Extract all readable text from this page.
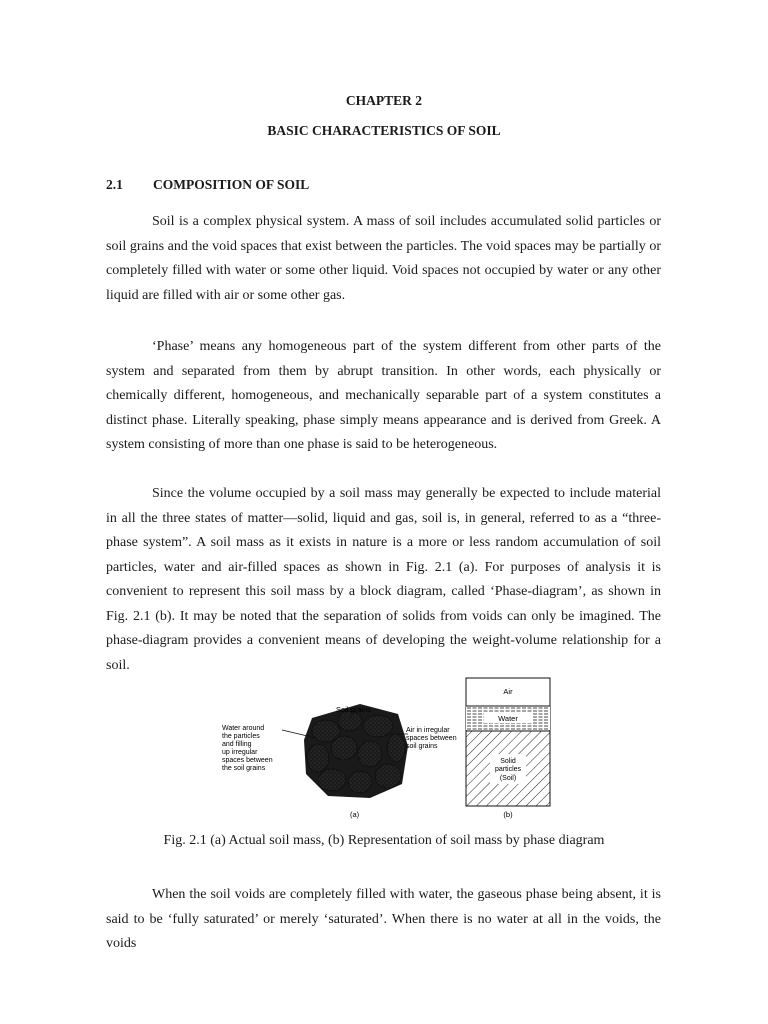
CHAPTER 2
BASIC CHARACTERISTICS OF SOIL
2.1 COMPOSITION OF SOIL

Soil is a complex physical system. A mass of soil includes accumulated solid particles or soil grains and the void spaces that exist between the particles. The void spaces may be partially or completely filled with water or some other liquid. Void spaces not occupied by water or any other liquid are filled with air or some other gas.

‘Phase’ means any homogeneous part of the system different from other parts of the system and separated from them by abrupt transition. In other words, each physically or chemically different, homogeneous, and mechanically separable part of a system constitutes a distinct phase. Literally speaking, phase simply means appearance and is derived from Greek. A system consisting of more than one phase is said to be heterogeneous.

Since the volume occupied by a soil mass may generally be expected to include material in all the three states of matter—solid, liquid and gas, soil is, in general, referred to as a “three-phase system”. A soil mass as it exists in nature is a more or less random accumulation of soil particles, water and air-filled spaces as shown in Fig. 2.1 (a). For purposes of analysis it is convenient to represent this soil mass by a block diagram, called ‘Phase-diagram’, as shown in Fig. 2.1 (b). It may be noted that the separation of solids from voids can only be imagined. The phase-diagram provides a convenient means of developing the weight-volume relationship for a soil.

Soil grains
Water around
the particles
and filling
up irregular
spaces between
the soil grains
Air in irregular
spaces between
soil grains
(a)
Air
Water
Solid
particles
(Soil)
(b)
Fig. 2.1 (a) Actual soil mass, (b) Representation of soil mass by phase diagram

When the soil voids are completely filled with water, the gaseous phase being absent, it is said to be ‘fully saturated’ or merely ‘saturated’. When there is no water at all in the voids, the voids
